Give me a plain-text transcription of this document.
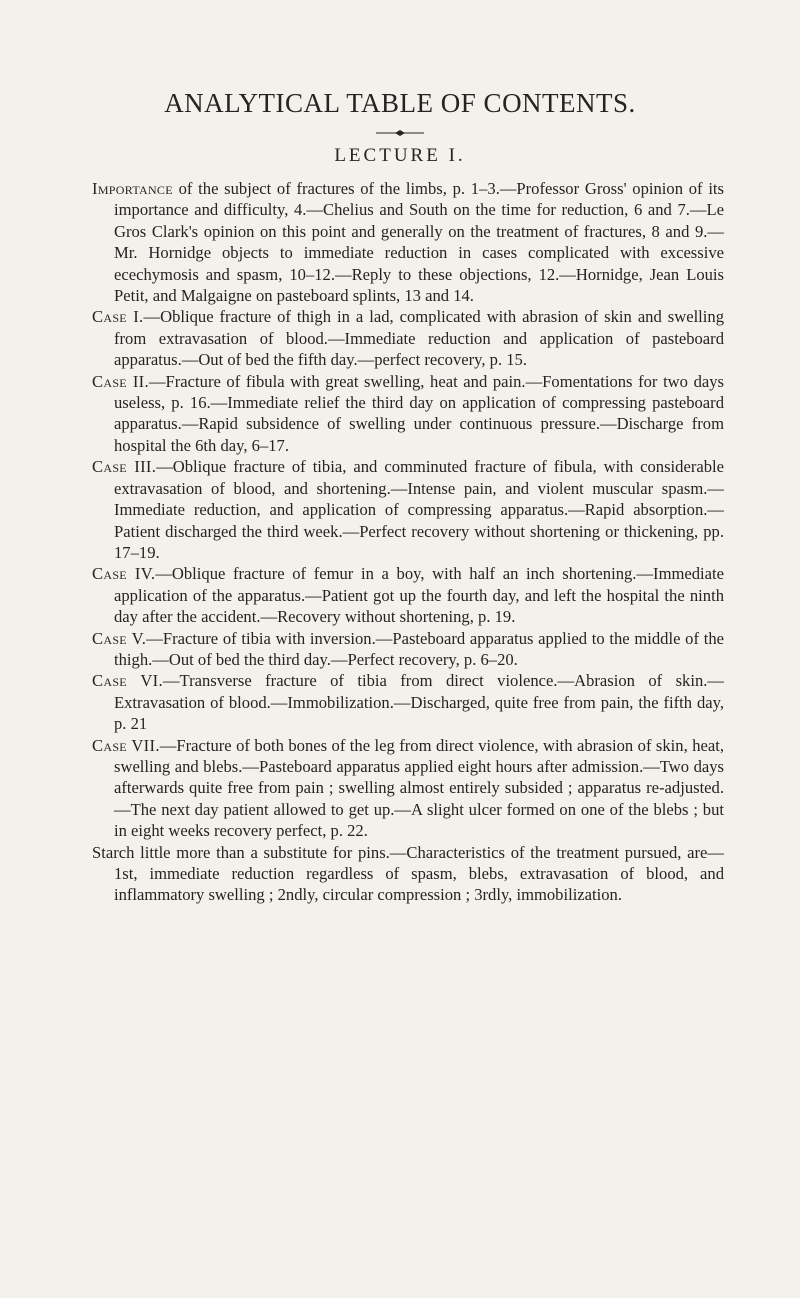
ANALYTICAL TABLE OF CONTENTS.
LECTURE I.

Importance of the subject of fractures of the limbs, p. 1–3.—Professor Gross' opinion of its importance and difficulty, 4.—Chelius and South on the time for reduction, 6 and 7.—Le Gros Clark's opinion on this point and generally on the treatment of fractures, 8 and 9.—Mr. Hornidge objects to immediate reduction in cases complicated with excessive ecechymosis and spasm, 10–12.—Reply to these objections, 12.—Hornidge, Jean Louis Petit, and Malgaigne on pasteboard splints, 13 and 14.

Case I.—Oblique fracture of thigh in a lad, complicated with abrasion of skin and swelling from extravasation of blood.—Immediate reduction and application of pasteboard apparatus.—Out of bed the fifth day.—perfect recovery, p. 15.

Case II.—Fracture of fibula with great swelling, heat and pain.—Fomentations for two days useless, p. 16.—Immediate relief the third day on application of compressing pasteboard apparatus.—Rapid subsidence of swelling under continuous pressure.—Discharge from hospital the 6th day, 6–17.

Case III.—Oblique fracture of tibia, and comminuted fracture of fibula, with considerable extravasation of blood, and shortening.—Intense pain, and violent muscular spasm.—Immediate reduction, and application of compressing apparatus.—Rapid absorption.—Patient discharged the third week.—Perfect recovery without shortening or thickening, pp. 17–19.

Case IV.—Oblique fracture of femur in a boy, with half an inch shortening.—Immediate application of the apparatus.—Patient got up the fourth day, and left the hospital the ninth day after the accident.—Recovery without shortening, p. 19.

Case V.—Fracture of tibia with inversion.—Pasteboard apparatus applied to the middle of the thigh.—Out of bed the third day.—Perfect recovery, p. 6–20.

Case VI.—Transverse fracture of tibia from direct violence.—Abrasion of skin.—Extravasation of blood.—Immobilization.—Discharged, quite free from pain, the fifth day, p. 21

Case VII.—Fracture of both bones of the leg from direct violence, with abrasion of skin, heat, swelling and blebs.—Pasteboard apparatus applied eight hours after admission.—Two days afterwards quite free from pain ; swelling almost entirely subsided ; apparatus re-adjusted. —The next day patient allowed to get up.—A slight ulcer formed on one of the blebs ; but in eight weeks recovery perfect, p. 22.

Starch little more than a substitute for pins.—Characteristics of the treatment pursued, are—1st, immediate reduction regardless of spasm, blebs, extravasation of blood, and inflammatory swelling ; 2ndly, circular compression ; 3rdly, immobilization.
